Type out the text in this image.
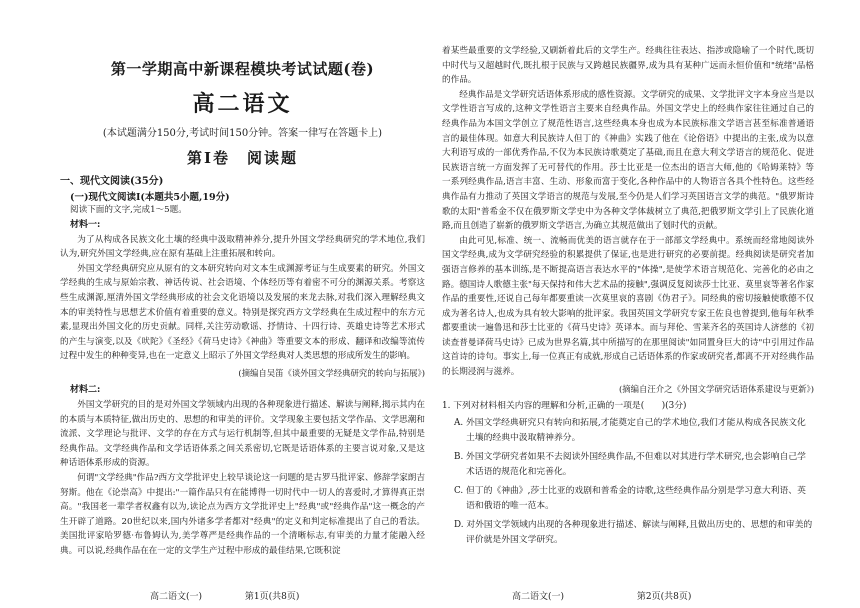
第一学期高中新课程模块考试试题(卷)
高二语文
(本试题满分150分,考试时间150分钟。答案一律写在答题卡上)
第Ⅰ卷　阅读题
一、现代文阅读(35分)
(一)现代文阅读Ⅰ(本题共5小题,19分)
阅读下面的文字,完成1～5题。
材料一:

为了从构成各民族文化土壤的经典中汲取精神养分,提升外国文学经典研究的学术地位,我们认为,研究外国文学经典,应在原有基础上注重拓展和转向。

外国文学经典研究应从原有的文本研究转向对文本生成渊源考证与生成要素的研究。外国文学经典的生成与原始宗教、神话传说、社会语境、个体经历等有着密不可分的渊源关系。考察这些生成渊源,厘清外国文学经典形成的社会文化语境以及发展的来龙去脉,对我们深入理解经典文本的审美特性与思想艺术价值有着重要的意义。特别是探究西方文学经典在生成过程中的东方元素,显现出外国文化的历史贡献。同样,关注劳动歌谣、抒情诗、十四行诗、英雄史诗等艺术形式的产生与演变,以及《吠陀》《圣经》《荷马史诗》《神曲》等重要文本的形成、翻译和改编等流传过程中发生的种种变异,也在一定意义上昭示了外国文学经典对人类思想的形成所发生的影响。

(摘编自吴笛《谈外国文学经典研究的转向与拓展》)
材料二:

外国文学研究的目的是对外国文学领域内出现的各种现象进行描述、解读与阐释,揭示其内在的本质与本质特征,做出历史的、思想的和审美的评价。文学现象主要包括文学作品、文学思潮和流派、文学理论与批评、文学的存在方式与运行机制等,但其中最重要的无疑是文学作品,特别是经典作品。文学经典作品和文学话语体系之间关系密切,它既是话语体系的主要言说对象,又是这种话语体系形成的资源。

何谓"文学经典"作品?西方文学批评史上较早谈论这一问题的是古罗马批评家、修辞学家朗吉努斯。他在《论崇高》中提出:"一篇作品只有在能博得一切时代中一切人的喜爱时,才算得真正崇高。"我国老一辈学者权鑫有以为,读论点为西方文学批评史上"经典"或"经典作品"这一概念的产生开辟了道路。20世纪以来,国内外诸多学者都对"经典"的定义和判定标准提出了自己的看法。美国批评家哈罗德·布鲁姆认为,美学尊严是经典作品的一个清晰标志,有审美的力量才能融入经典。可以说,经典作品在在一定的文学生产过程中形成的最佳结果,它既积淀

高二语文(一)	第1页(共8页)

着某些最重要的文学经验,又刷新着此后的文学生产。经典往往表达、指涉或隐喻了一个时代,既切中时代与又超越时代,既扎根于民族与又跨越民族疆界,成为具有某种广远而永恒价值和"统绪"品格的作品。

经典作品是文学研究话语体系形成的感性资源。文学研究的成果、文学批评文字本身应当是以文学性语言写成的,这种文学性语言主要来自经典作品。外国文学史上的经典作家往往通过自己的经典作品为本国文学创立了规范性语言,这些经典本身也成为本民族标准文学语言甚至标准普通语言的最佳体现。如意大利民族诗人但丁的《神曲》实践了他在《论俗语》中提出的主张,成为以意大利语写成的一部优秀作品,不仅为本民族诗歌奠定了基础,而且在意大利文学语言的规范化、促进民族语言统一方面发挥了无可替代的作用。莎士比亚是一位杰出的语言大师,他的《哈姆莱特》等一系列经典作品,语言丰富、生动、形象而富于变化,各种作品中的人物语言各具个性特色。这些经典作品有力推动了英国文学语言的规范与发展,至今仍是人们学习英国语言文学的典范。"俄罗斯诗歌的太阳"普希金不仅在俄罗斯文学史中为各种文学体裁树立了典范,把俄罗斯文学引上了民族化道路,而且创造了崭新的俄罗斯文学语言,为确立其规范做出了划时代的贡献。

由此可见,标准、统一、流畅而优美的语言就存在于一部部文学经典中。系统而经常地阅读外国文学经典,成为文学研究经验的积累提供了保证,也是进行研究的必要前提。经典阅读是研究者加强语言修养的基本训练,是不断提高语言表达水平的"体操",是使学术语言规范化、完善化的必由之路。德国诗人歌德主张"每天保持和伟大艺术品的接触",强调反复阅读莎士比亚、莫里哀等著名作家作品的重要性,还说自己每年都要重读一次莫里哀的喜剧《伪君子》。同经典的密切接触使歌德不仅成为著名诗人,也成为具有较大影响的批评家。我国英国文学研究专家王佐良也曾提到,他每年秋季都要重读一遍鲁迅和莎士比亚的《荷马史诗》英译本。而与拜伦、雪莱齐名的英国诗人济慈的《初读查普曼译荷马史诗》已成为世界名篇,其中所描写的在那里阅读"如同置身巨大的诗"中引用过作品这首诗的诗句。事实上,每一位真正有成就,形成自己话语体系的作家或研究者,都离不开对经典作品的长期浸润与滋养。

(摘编自汪介之《外国文学研究话语体系建设与更新》)
1. 下列对材料相关内容的理解和分析,正确的一项是(　　)(3分)
A. 外国文学经典研究只有转向和拓展,才能奠定自己的学术地位,我们才能从构成各民族文化土壤的经典中汲取精神养分。
B. 外国文学研究者如果不去阅读外国经典作品,不但难以对其进行学术研究,也会影响自己学术话语的规范化和完善化。
C. 但丁的《神曲》,莎士比亚的戏剧和普希金的诗歌,这些经典作品分别是学习意大利语、英语和俄语的唯一范本。
D. 对外国文学领域内出现的各种现象进行描述、解读与阐释,且做出历史的、思想的和审美的评价就是外国文学研究。
高二语文(一)	第2页(共8页)
